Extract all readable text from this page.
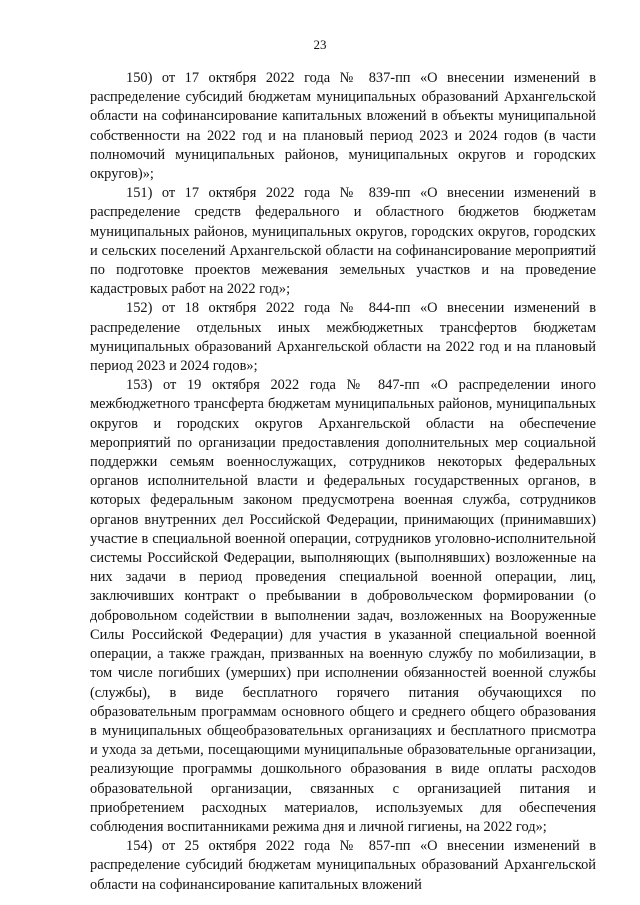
23

150) от 17 октября 2022 года № 837-пп «О внесении изменений в распределение субсидий бюджетам муниципальных образований Архангельской области на софинансирование капитальных вложений в объекты муниципальной собственности на 2022 год и на плановый период 2023 и 2024 годов (в части полномочий муниципальных районов, муниципальных округов и городских округов)»;

151) от 17 октября 2022 года № 839-пп «О внесении изменений в распределение средств федерального и областного бюджетов бюджетам муниципальных районов, муниципальных округов, городских округов, городских и сельских поселений Архангельской области на софинансирование мероприятий по подготовке проектов межевания земельных участков и на проведение кадастровых работ на 2022 год»;

152) от 18 октября 2022 года № 844-пп «О внесении изменений в распределение отдельных иных межбюджетных трансфертов бюджетам муниципальных образований Архангельской области на 2022 год и на плановый период 2023 и 2024 годов»;

153) от 19 октября 2022 года № 847-пп «О распределении иного межбюджетного трансферта бюджетам муниципальных районов, муниципальных округов и городских округов Архангельской области на обеспечение мероприятий по организации предоставления дополнительных мер социальной поддержки семьям военнослужащих, сотрудников некоторых федеральных органов исполнительной власти и федеральных государственных органов, в которых федеральным законом предусмотрена военная служба, сотрудников органов внутренних дел Российской Федерации, принимающих (принимавших) участие в специальной военной операции, сотрудников уголовно-исполнительной системы Российской Федерации, выполняющих (выполнявших) возложенные на них задачи в период проведения специальной военной операции, лиц, заключивших контракт о пребывании в добровольческом формировании (о добровольном содействии в выполнении задач, возложенных на Вооруженные Силы Российской Федерации) для участия в указанной специальной военной операции, а также граждан, призванных на военную службу по мобилизации, в том числе погибших (умерших) при исполнении обязанностей военной службы (службы), в виде бесплатного горячего питания обучающихся по образовательным программам основного общего и среднего общего образования в муниципальных общеобразовательных организациях и бесплатного присмотра и ухода за детьми, посещающими муниципальные образовательные организации, реализующие программы дошкольного образования в виде оплаты расходов образовательной организации, связанных с организацией питания и приобретением расходных материалов, используемых для обеспечения соблюдения воспитанниками режима дня и личной гигиены, на 2022 год»;

154) от 25 октября 2022 года № 857-пп «О внесении изменений в распределение субсидий бюджетам муниципальных образований Архангельской области на софинансирование капитальных вложений
